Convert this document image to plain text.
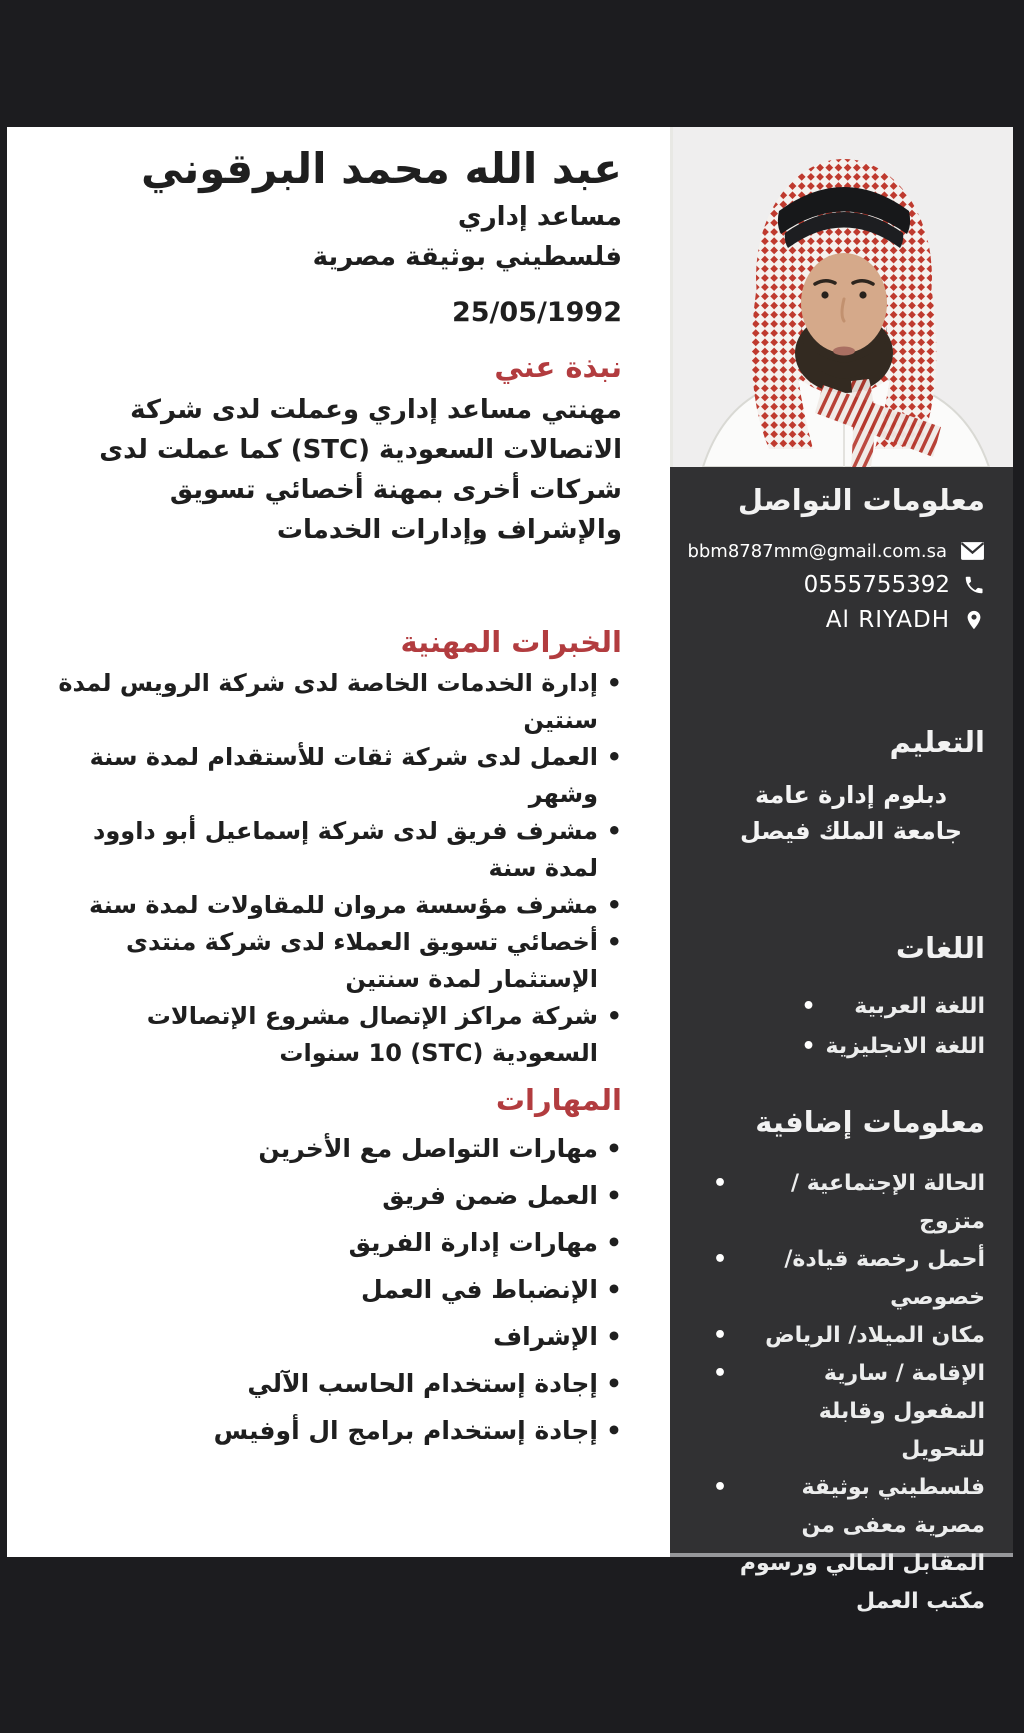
عبد الله محمد البرقوني
مساعد إداري
فلسطيني بوثيقة مصرية
25/05/1992
نبذة عني
مهنتي مساعد إداري وعملت لدى شركة الاتصالات السعودية (STC) كما عملت لدى شركات أخرى بمهنة أخصائي تسويق والإشراف وإدارات الخدمات
الخبرات المهنية
• إدارة الخدمات الخاصة لدى شركة الرويس لمدة سنتين
• العمل لدى شركة ثقات للأستقدام لمدة سنة وشهر
• مشرف فريق لدى شركة إسماعيل أبو داوود لمدة سنة
• مشرف مؤسسة مروان للمقاولات لمدة سنة
• أخصائي تسويق العملاء لدى شركة منتدى الإستثمار لمدة سنتين
• شركة مراكز الإتصال مشروع الإتصالات السعودية (STC) 10 سنوات
المهارات
• مهارات التواصل مع الأخرين
• العمل ضمن فريق
• مهارات إدارة الفريق
• الإنضباط في العمل
• الإشراف
• إجادة إستخدام الحاسب الآلي
• إجادة إستخدام برامج ال أوفيس
معلومات التواصل
bbm8787mm@gmail.com.sa
0555755392
Al RIYADH
التعليم
دبلوم إدارة عامة جامعة الملك فيصل
اللغات
• اللغة العربية
• اللغة الانجليزية
معلومات إضافية
• الحالة الإجتماعية / متزوج
• أحمل رخصة قيادة/ خصوصي
• مكان الميلاد/ الرياض
• الإقامة / سارية المفعول وقابلة للتحويل
• فلسطيني بوثيقة مصرية معفى من المقابل المالي ورسوم مكتب العمل
